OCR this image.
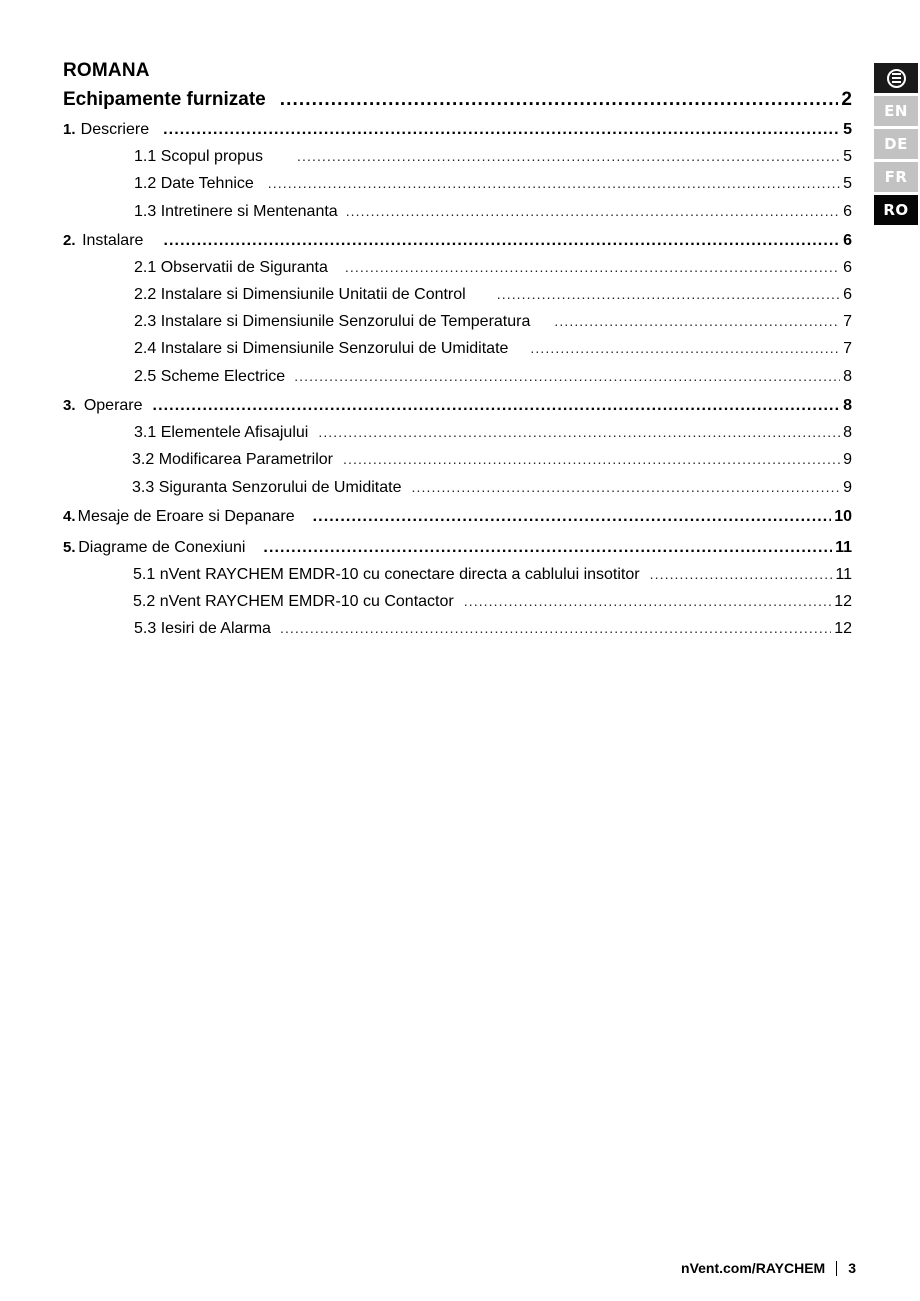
ROMANA
Echipamente furnizate .....	2
1. Descriere .....	5
1.1 Scopul propus .....	5
1.2 Date Tehnice .....	5
1.3 Intretinere si Mentenanta .....	6
2. Instalare .....	6
2.1 Observatii de Siguranta .....	6
2.2 Instalare si Dimensiunile Unitatii de Control .....	6
2.3 Instalare si Dimensiunile Senzorului de Temperatura .....	7
2.4 Instalare si Dimensiunile Senzorului de Umiditate .....	7
2.5 Scheme Electrice .....	8
3. Operare .....	8
3.1 Elementele Afisajului .....	8
3.2 Modificarea Parametrilor .....	9
3.3 Siguranta Senzorului de Umiditate .....	9
4. Mesaje de Eroare si Depanare .....	10
5. Diagrame de Conexiuni .....	11
5.1 nVent RAYCHEM EMDR-10 cu conectare directa a cablului insotitor .....	11
5.2 nVent RAYCHEM EMDR-10 cu Contactor .....	12
5.3 Iesiri de Alarma .....	12
EN
DE
FR
RO
nVent.com/RAYCHEM 3
